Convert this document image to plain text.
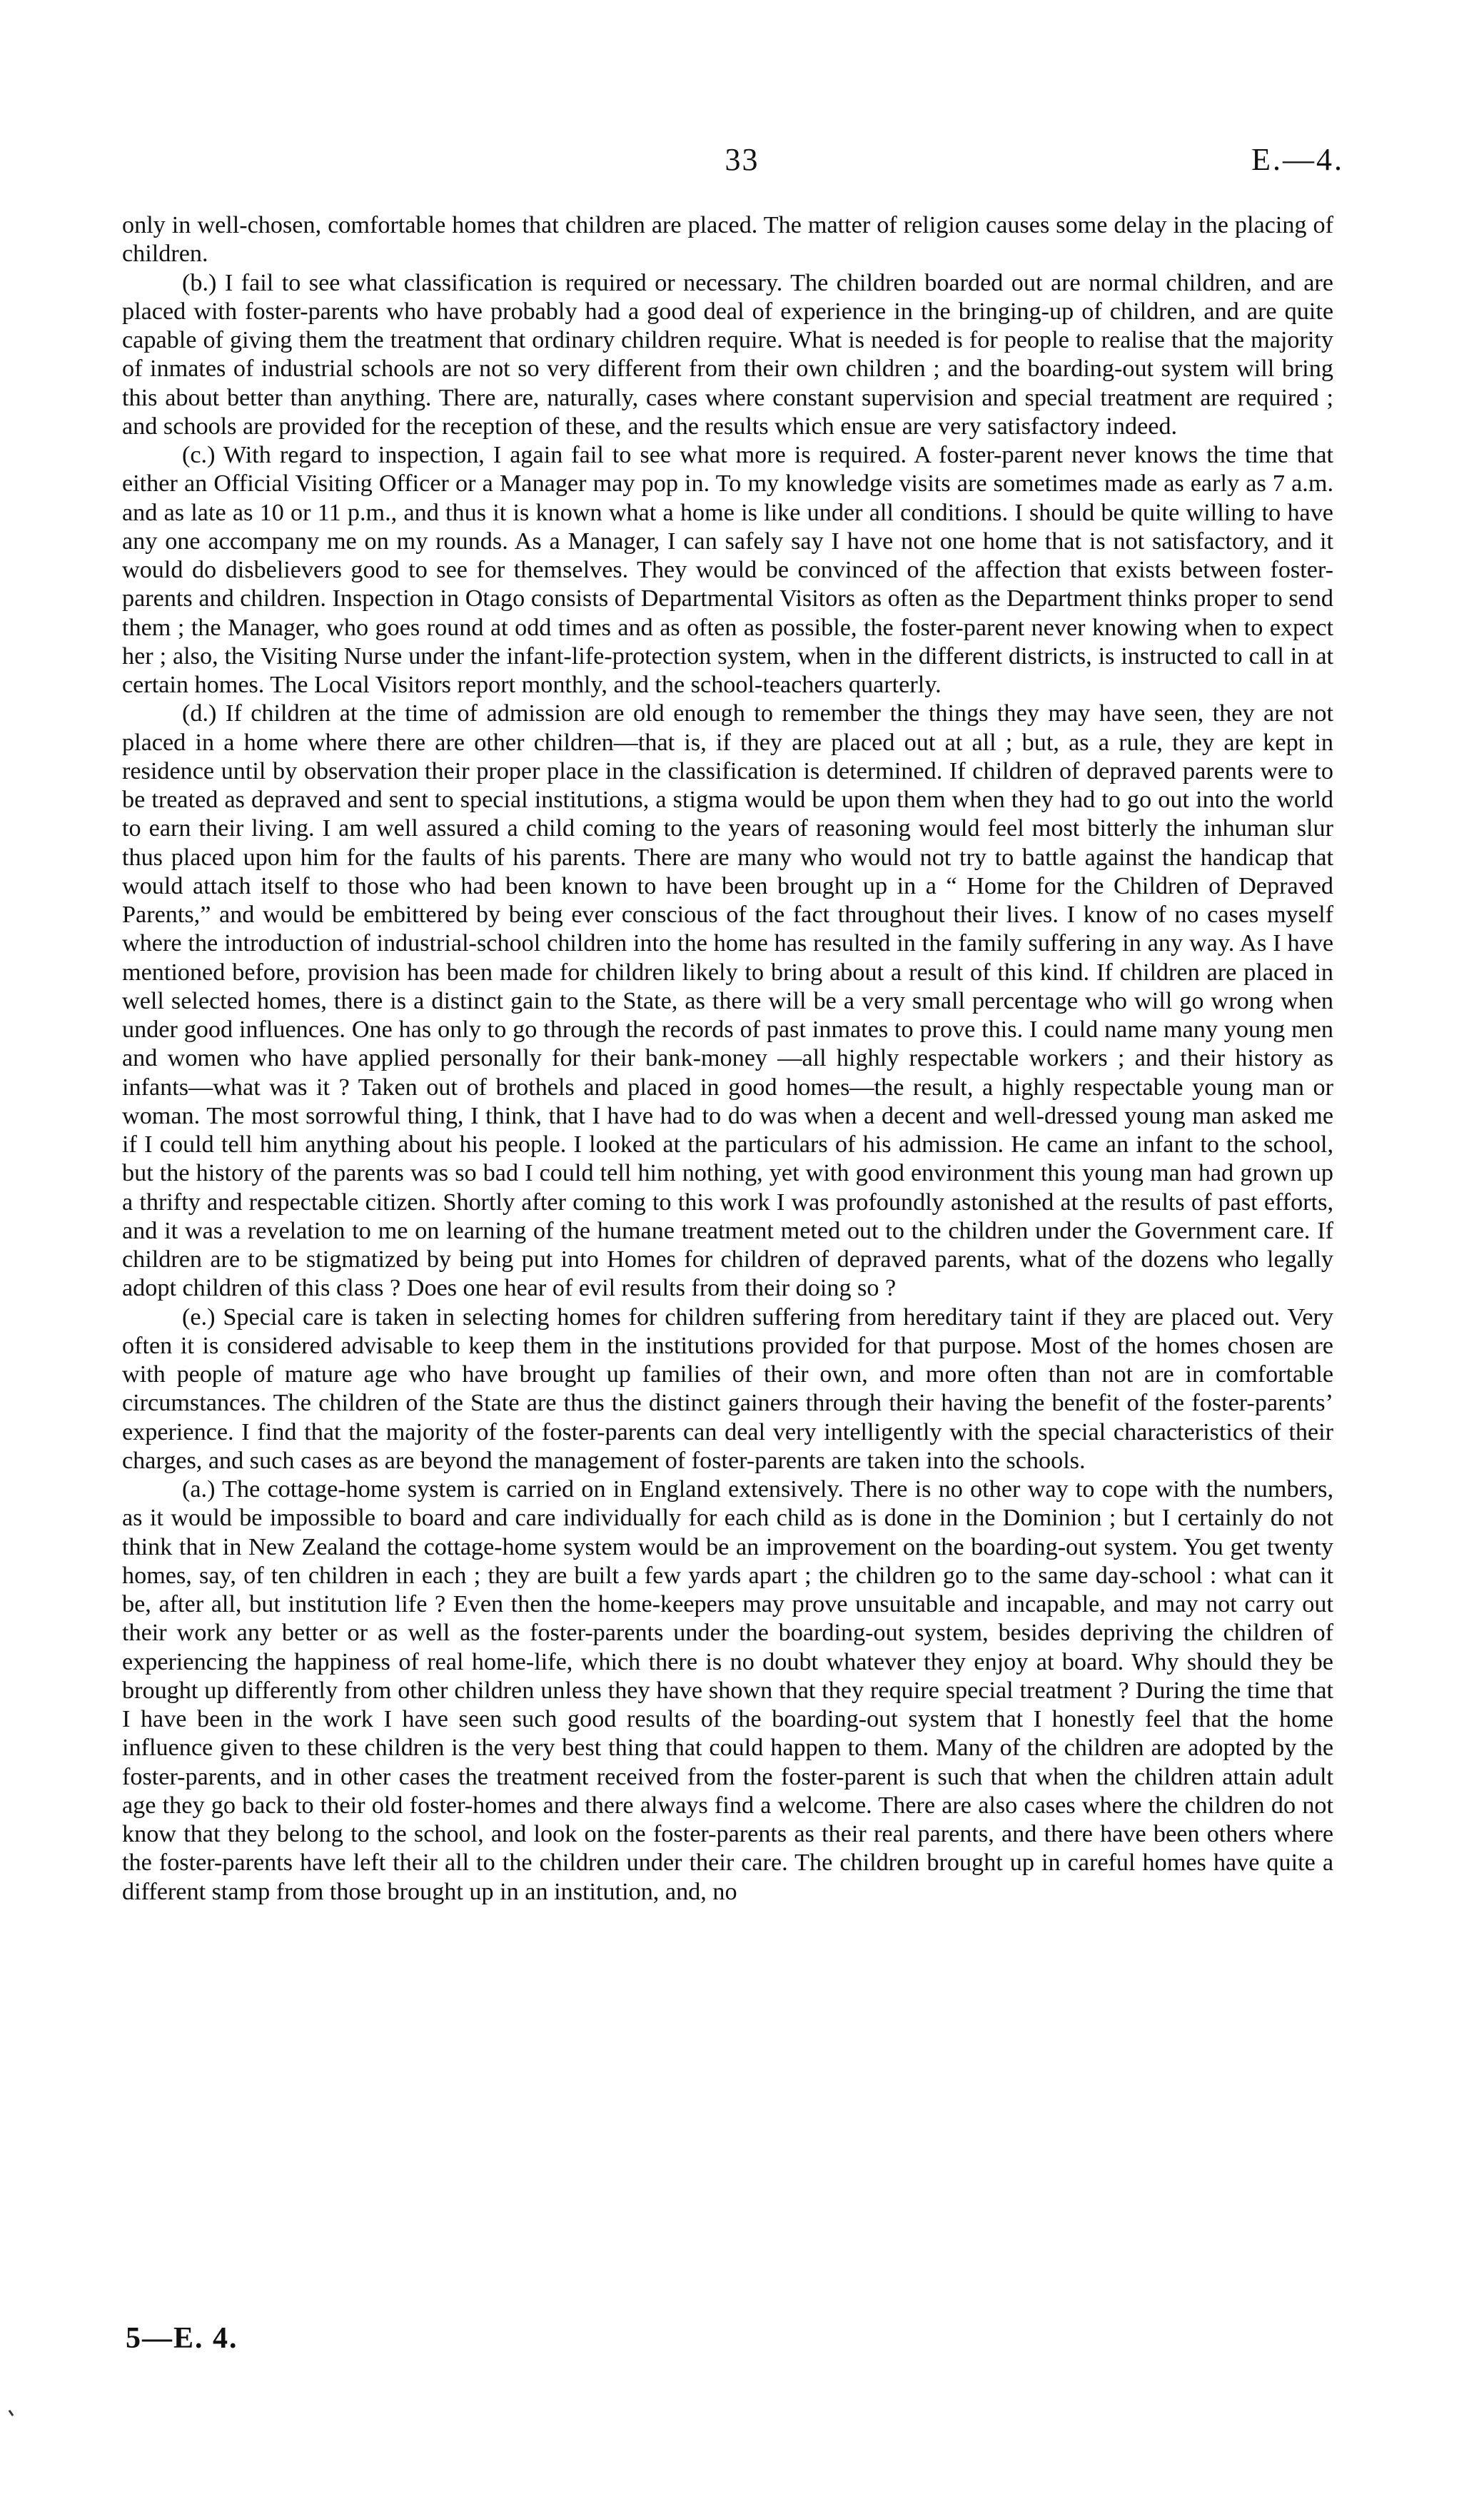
33	E.—4.

only in well-chosen, comfortable homes that children are placed. The matter of religion causes some delay in the placing of children.

(b.) I fail to see what classification is required or necessary. The children boarded out are normal children, and are placed with foster-parents who have probably had a good deal of experience in the bringing-up of children, and are quite capable of giving them the treatment that ordinary children require. What is needed is for people to realise that the majority of inmates of industrial schools are not so very different from their own children ; and the boarding-out system will bring this about better than anything. There are, naturally, cases where constant supervision and special treatment are required ; and schools are provided for the reception of these, and the results which ensue are very satisfactory indeed.

(c.) With regard to inspection, I again fail to see what more is required. A foster-parent never knows the time that either an Official Visiting Officer or a Manager may pop in. To my knowledge visits are sometimes made as early as 7 a.m. and as late as 10 or 11 p.m., and thus it is known what a home is like under all conditions. I should be quite willing to have any one accompany me on my rounds. As a Manager, I can safely say I have not one home that is not satisfactory, and it would do disbelievers good to see for themselves. They would be convinced of the affection that exists between foster-parents and children. Inspection in Otago consists of Departmental Visitors as often as the Department thinks proper to send them ; the Manager, who goes round at odd times and as often as possible, the foster-parent never knowing when to expect her ; also, the Visiting Nurse under the infant-life-protection system, when in the different districts, is instructed to call in at certain homes. The Local Visitors report monthly, and the school-teachers quarterly.

(d.) If children at the time of admission are old enough to remember the things they may have seen, they are not placed in a home where there are other children—that is, if they are placed out at all ; but, as a rule, they are kept in residence until by observation their proper place in the classification is determined. If children of depraved parents were to be treated as depraved and sent to special institutions, a stigma would be upon them when they had to go out into the world to earn their living. I am well assured a child coming to the years of reasoning would feel most bitterly the inhuman slur thus placed upon him for the faults of his parents. There are many who would not try to battle against the handicap that would attach itself to those who had been known to have been brought up in a “ Home for the Children of Depraved Parents,” and would be embittered by being ever conscious of the fact throughout their lives. I know of no cases myself where the introduction of industrial-school children into the home has resulted in the family suffering in any way. As I have mentioned before, provision has been made for children likely to bring about a result of this kind. If children are placed in well selected homes, there is a distinct gain to the State, as there will be a very small percentage who will go wrong when under good influences. One has only to go through the records of past inmates to prove this. I could name many young men and women who have applied personally for their bank-money —all highly respectable workers ; and their history as infants—what was it ? Taken out of brothels and placed in good homes—the result, a highly respectable young man or woman. The most sorrowful thing, I think, that I have had to do was when a decent and well-dressed young man asked me if I could tell him anything about his people. I looked at the particulars of his admission. He came an infant to the school, but the history of the parents was so bad I could tell him nothing, yet with good environment this young man had grown up a thrifty and respectable citizen. Shortly after coming to this work I was profoundly astonished at the results of past efforts, and it was a revelation to me on learning of the humane treatment meted out to the children under the Government care. If children are to be stigmatized by being put into Homes for children of depraved parents, what of the dozens who legally adopt children of this class ? Does one hear of evil results from their doing so ?

(e.) Special care is taken in selecting homes for children suffering from hereditary taint if they are placed out. Very often it is considered advisable to keep them in the institutions provided for that purpose. Most of the homes chosen are with people of mature age who have brought up families of their own, and more often than not are in comfortable circumstances. The children of the State are thus the distinct gainers through their having the benefit of the foster-parents’ experience. I find that the majority of the foster-parents can deal very intelligently with the special characteristics of their charges, and such cases as are beyond the management of foster-parents are taken into the schools.

(a.) The cottage-home system is carried on in England extensively. There is no other way to cope with the numbers, as it would be impossible to board and care individually for each child as is done in the Dominion ; but I certainly do not think that in New Zealand the cottage-home system would be an improvement on the boarding-out system. You get twenty homes, say, of ten children in each ; they are built a few yards apart ; the children go to the same day-school : what can it be, after all, but institution life ? Even then the home-keepers may prove unsuitable and incapable, and may not carry out their work any better or as well as the foster-parents under the boarding-out system, besides depriving the children of experiencing the happiness of real home-life, which there is no doubt whatever they enjoy at board. Why should they be brought up differently from other children unless they have shown that they require special treatment ? During the time that I have been in the work I have seen such good results of the boarding-out system that I honestly feel that the home influence given to these children is the very best thing that could happen to them. Many of the children are adopted by the foster-parents, and in other cases the treatment received from the foster-parent is such that when the children attain adult age they go back to their old foster-homes and there always find a welcome. There are also cases where the children do not know that they belong to the school, and look on the foster-parents as their real parents, and there have been others where the foster-parents have left their all to the children under their care. The children brought up in careful homes have quite a different stamp from those brought up in an institution, and, no

5—E. 4.
